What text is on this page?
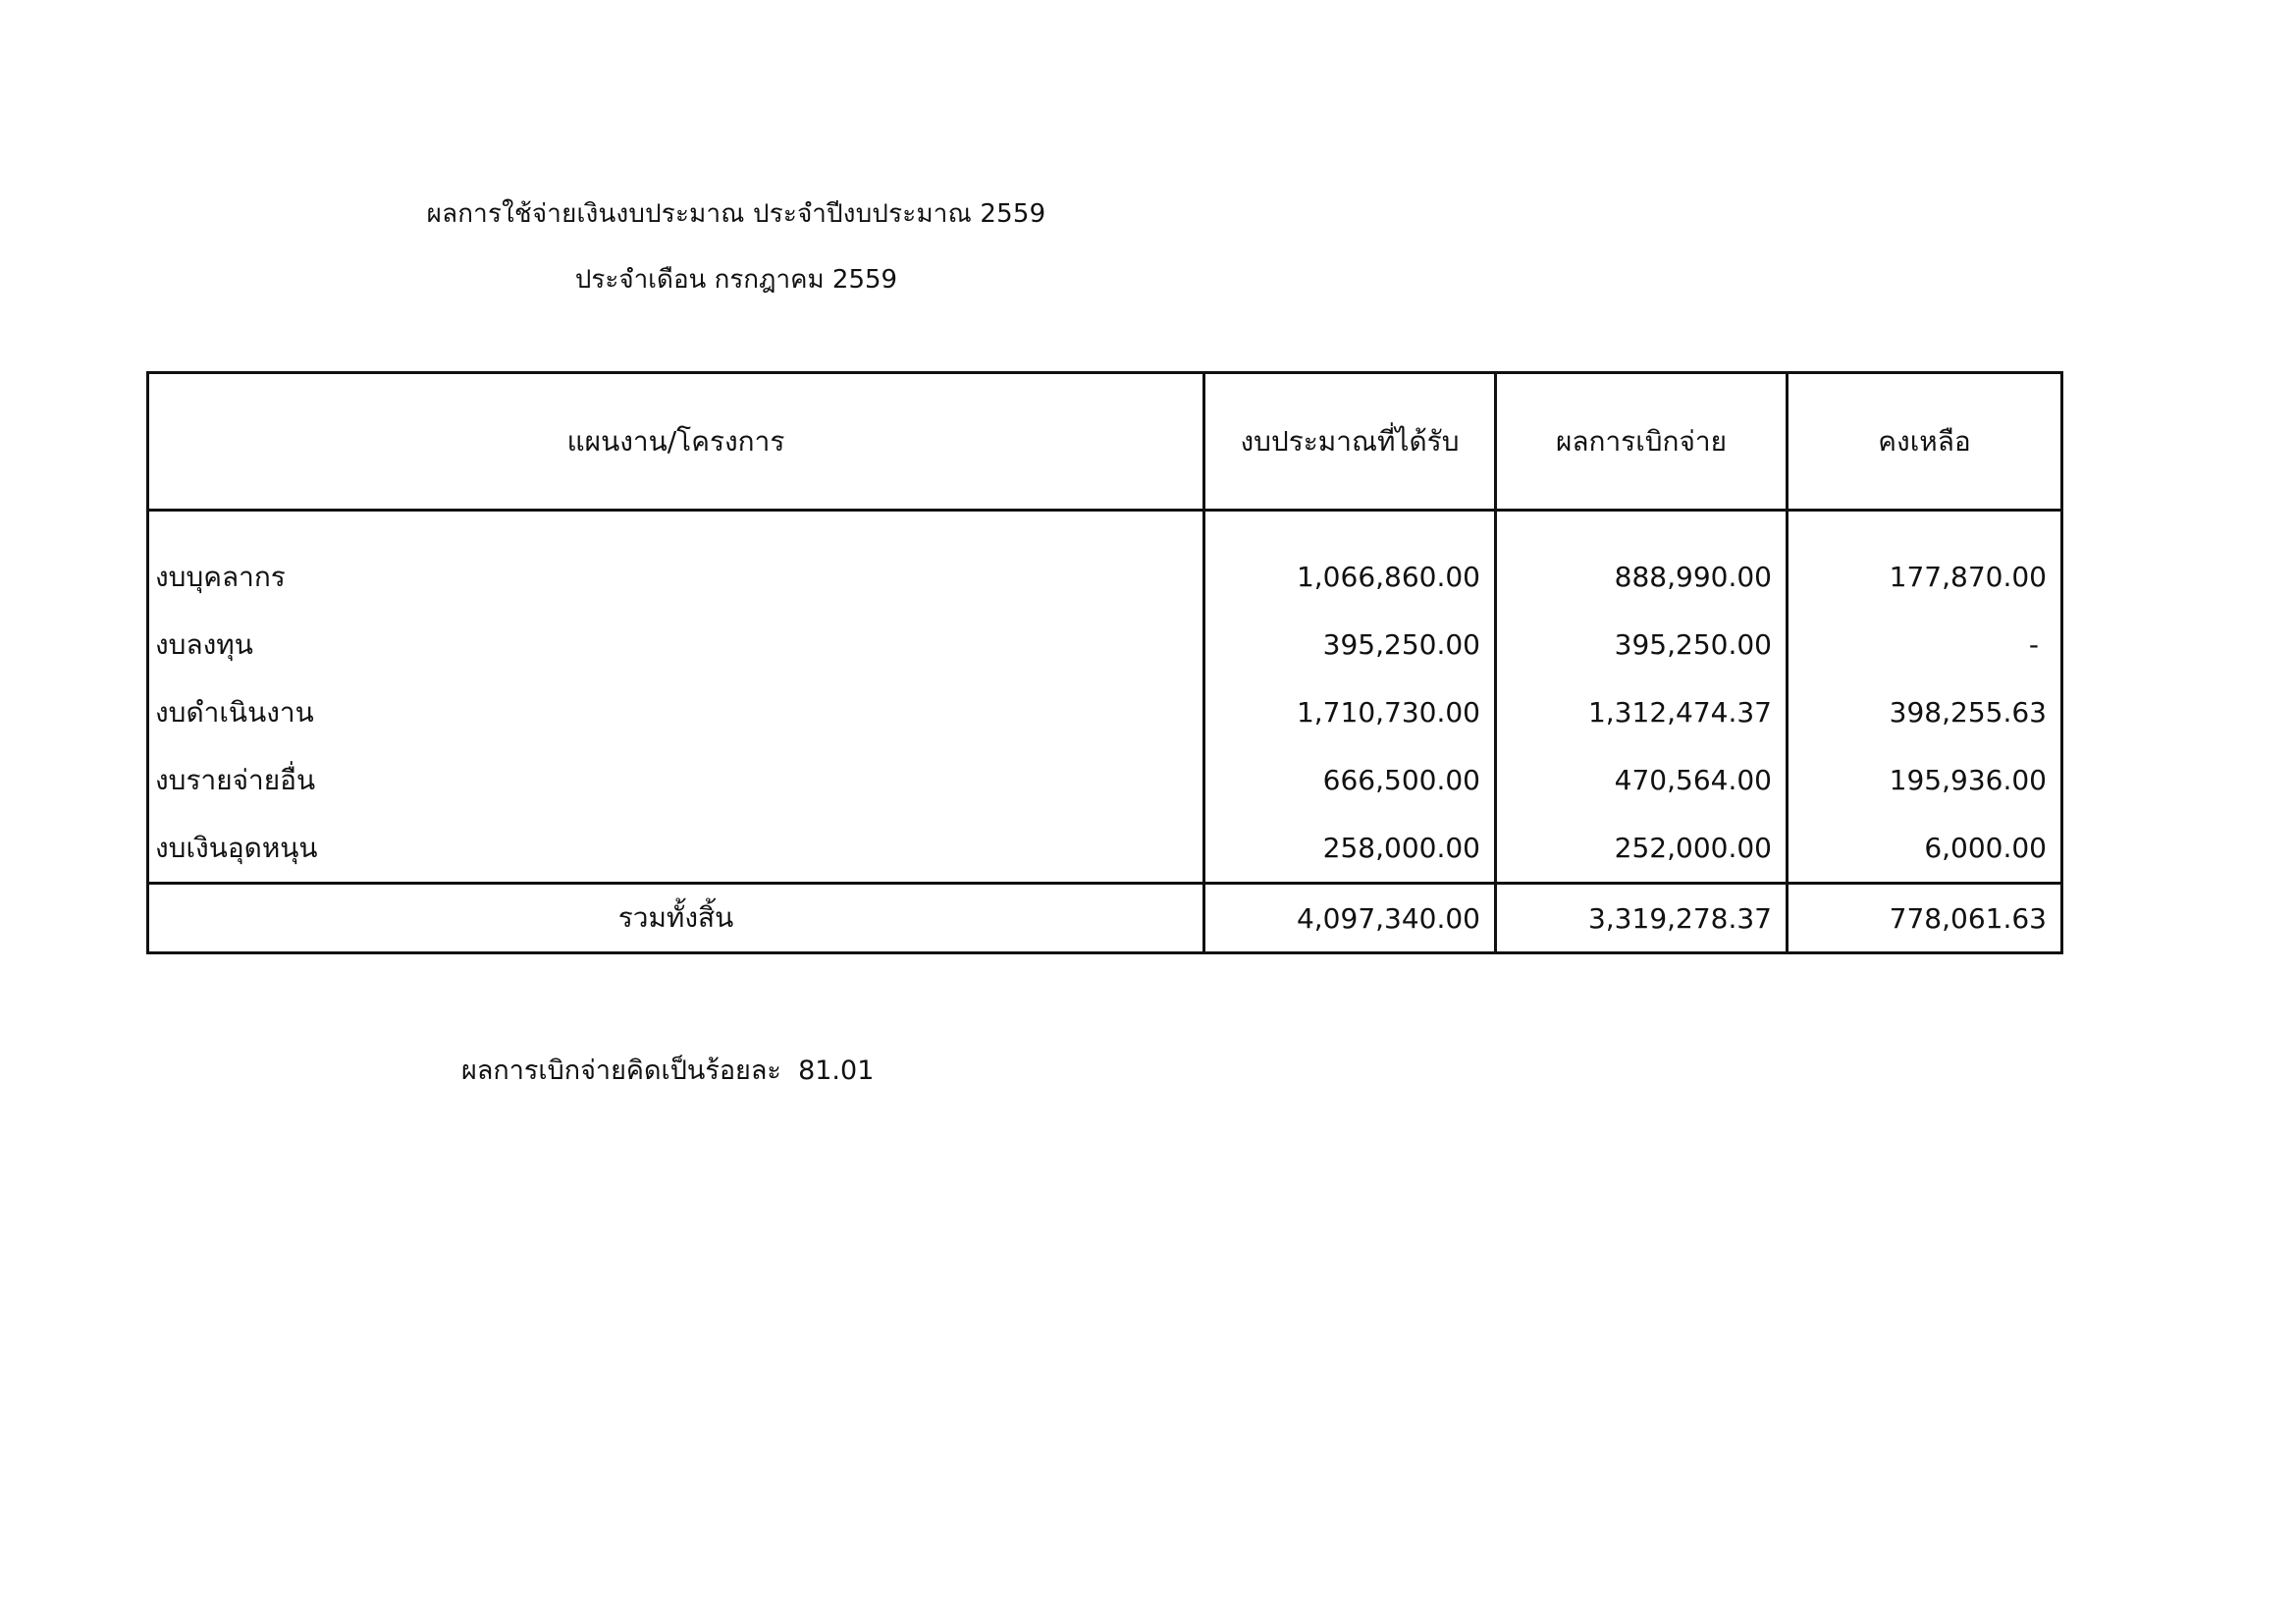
ผลการใช้จ่ายเงินงบประมาณ ประจำปีงบประมาณ 2559
ประจำเดือน กรกฎาคม 2559
แผนงาน/โครงการ	งบประมาณที่ได้รับ	ผลการเบิกจ่าย	คงเหลือ

งบบุคลากร	1,066,860.00	888,990.00	177,870.00
งบลงทุน	395,250.00	395,250.00	-
งบดำเนินงาน	1,710,730.00	1,312,474.37	398,255.63
งบรายจ่ายอื่น	666,500.00	470,564.00	195,936.00
งบเงินอุดหนุน	258,000.00	252,000.00	6,000.00
รวมทั้งสิ้น	4,097,340.00	3,319,278.37	778,061.63
ผลการเบิกจ่ายคิดเป็นร้อยละ 81.01
